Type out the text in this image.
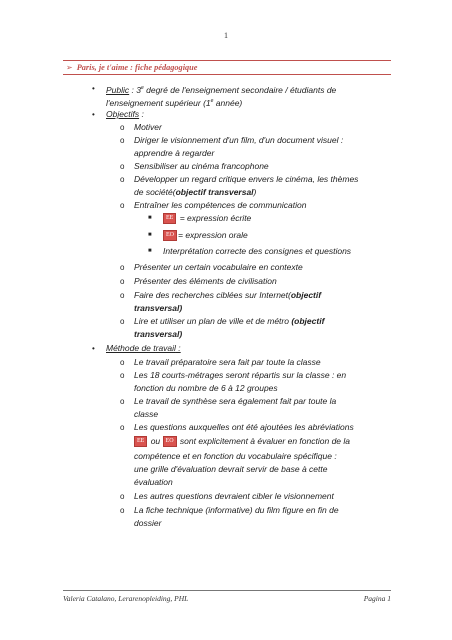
1
➢ Paris, je t'aime : fiche pédagogique
• Public : 3e degré de l'enseignement secondaire / étudiants de
l'enseignement supérieur (1e année)
• Objectifs :
o Motiver
o Diriger le visionnement d'un film, d'un document visuel :
apprendre à regarder
o Sensibiliser au cinéma francophone
o Développer un regard critique envers le cinéma, les thèmes
de société(objectif transversal)
o Entraîner les compétences de communication
■	EE = expression écrite
■	EO = expression orale
■ Interprétation correcte des consignes et questions
o Présenter un certain vocabulaire en contexte
o Présenter des éléments de civilisation
o Faire des recherches ciblées sur Internet(objectif
transversal)
o Lire et utiliser un plan de ville et de métro (objectif
transversal)
• Méthode de travail :
o Le travail préparatoire sera fait par toute la classe
o Les 18 courts-métrages seront répartis sur la classe : en
fonction du nombre de 6 à 12 groupes
o Le travail de synthèse sera également fait par toute la
classe
o Les questions auxquelles ont été ajoutées les abréviations
EE ou EO sont explicitement à évaluer en fonction de la
compétence et en fonction du vocabulaire spécifique :
une grille d'évaluation devrait servir de base à cette
évaluation
o Les autres questions devraient cibler le visionnement
o La fiche technique (informative) du film figure en fin de
dossier
Valeria Catalano, Lerarenopleiding, PHL	Pagina 1
